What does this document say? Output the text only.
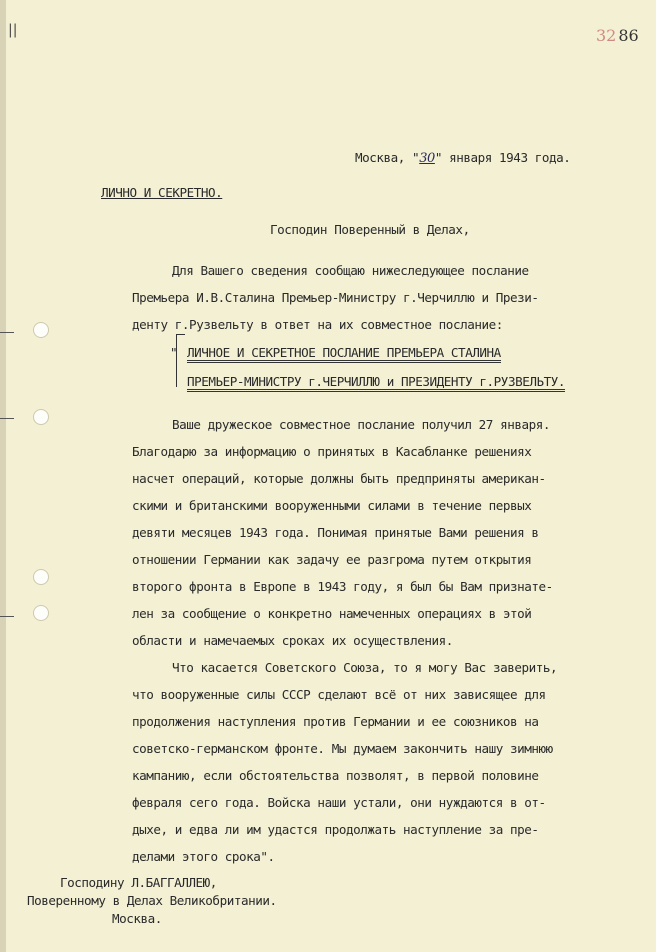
||	32 86
Москва, "30" января 1943 года.
ЛИЧНО И СЕКРЕТНО.
Господин Поверенный в Делах,
Для Вашего сведения сообщаю нижеследующее послание
Премьера И.В.Сталина Премьер-Министру г.Черчиллю и Прези-
денту г.Рузвельту в ответ на их совместное послание:
" ЛИЧНОЕ И СЕКРЕТНОЕ ПОСЛАНИЕ ПРЕМЬЕРА СТАЛИНА
ПРЕМЬЕР-МИНИСТРУ г.ЧЕРЧИЛЛЮ и ПРЕЗИДЕНТУ г.РУЗВЕЛЬТУ.
Ваше дружеское совместное послание получил 27 января.
Благодарю за информацию о принятых в Касабланке решениях
насчет операций, которые должны быть предприняты американ-
скими и британскими вооруженными силами в течение первых
девяти месяцев 1943 года. Понимая принятые Вами решения в
отношении Германии как задачу ее разгрома путем открытия
второго фронта в Европе в 1943 году, я был бы Вам признате-
лен за сообщение о конкретно намеченных операциях в этой
области и намечаемых сроках их осуществления.
Что касается Советского Союза, то я могу Вас заверить,
что вооруженные силы СССР сделают всё от них зависящее для
продолжения наступления против Германии и ее союзников на
советско-германском фронте. Мы думаем закончить нашу зимнюю
кампанию, если обстоятельства позволят, в первой половине
февраля сего года. Войска наши устали, они нуждаются в от-
дыхе, и едва ли им удастся продолжать наступление за пре-
делами этого срока".
Господину Л.БАГГАЛЛЕЮ,
Поверенному в Делах Великобритании.
Москва.
